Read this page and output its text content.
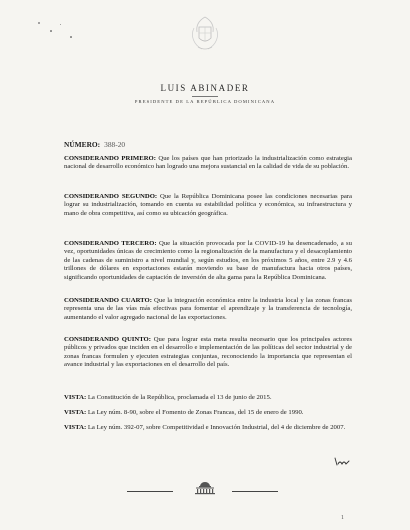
LUIS ABINADER
PRESIDENTE DE LA REPÚBLICA DOMINICANA
NÚMERO: 388-20
CONSIDERANDO PRIMERO: Que los países que han priorizado la industrialización como estrategia nacional de desarrollo económico han logrado una mejora sustancial en la calidad de vida de su población.
CONSIDERANDO SEGUNDO: Que la República Dominicana posee las condiciones necesarias para lograr su industrialización, tomando en cuenta su estabilidad política y económica, su infraestructura y mano de obra competitiva, así como su ubicación geográfica.
CONSIDERANDO TERCERO: Que la situación provocada por la COVID-19 ha desencadenado, a su vez, oportunidades únicas de crecimiento como la regionalización de la manufactura y el desacoplamiento de las cadenas de suministro a nivel mundial y, según estudios, en los próximos 5 años, entre 2.9 y 4.6 trillones de dólares en exportaciones estarán moviendo su base de manufactura hacia otros países, significando oportunidades de captación de inversión de alta gama para la República Dominicana.
CONSIDERANDO CUARTO: Que la integración económica entre la industria local y las zonas francas representa una de las vías más efectivas para fomentar el aprendizaje y la transferencia de tecnología, aumentando el valor agregado nacional de las exportaciones.
CONSIDERANDO QUINTO: Que para lograr esta meta resulta necesario que los principales actores públicos y privados que inciden en el desarrollo e implementación de las políticas del sector industrial y de zonas francas formulen y ejecuten estrategias conjuntas, reconociendo la importancia que representan el avance industrial y las exportaciones en el desarrollo del país.
VISTA: La Constitución de la República, proclamada el 13 de junio de 2015.
VISTA: La Ley núm. 8-90, sobre el Fomento de Zonas Francas, del 15 de enero de 1990.
VISTA: La Ley núm. 392-07, sobre Competitividad e Innovación Industrial, del 4 de diciembre de 2007.
1
